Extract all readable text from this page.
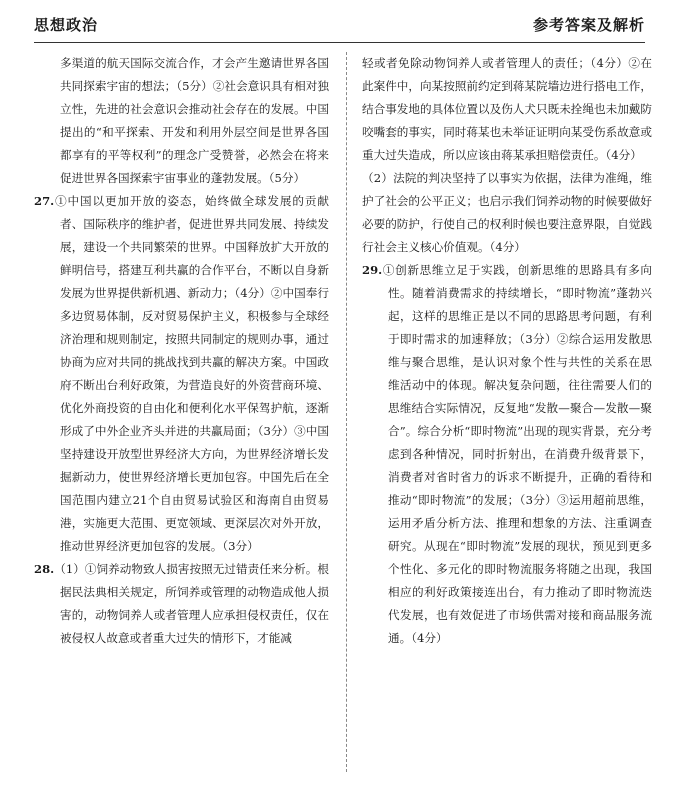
思想政治	参考答案及解析

多渠道的航天国际交流合作，才会产生邀请世界各国共同探索宇宙的想法；（5分）②社会意识具有相对独立性，先进的社会意识会推动社会存在的发展。中国提出的“和平探索、开发和利用外层空间是世界各国都享有的平等权利”的理念广受赞誉，必然会在将来促进世界各国探索宇宙事业的蓬勃发展。（5分）

27.①中国以更加开放的姿态，始终做全球发展的贡献者、国际秩序的维护者，促进世界共同发展、持续发展，建设一个共同繁荣的世界。中国释放扩大开放的鲜明信号，搭建互利共赢的合作平台，不断以自身新发展为世界提供新机遇、新动力；（4分）②中国奉行多边贸易体制，反对贸易保护主义，积极参与全球经济治理和规则制定，按照共同制定的规则办事，通过协商为应对共同的挑战找到共赢的解决方案。中国政府不断出台利好政策，为营造良好的外资营商环境、优化外商投资的自由化和便利化水平保驾护航，逐渐形成了中外企业齐头并进的共赢局面；（3分）③中国坚持建设开放型世界经济大方向，为世界经济增长发掘新动力，使世界经济增长更加包容。中国先后在全国范围内建立21个自由贸易试验区和海南自由贸易港，实施更大范围、更宽领域、更深层次对外开放，推动世界经济更加包容的发展。（3分）

28.（1）①饲养动物致人损害按照无过错责任来分析。根据民法典相关规定，所饲养或管理的动物造成他人损害的，动物饲养人或者管理人应承担侵权责任，仅在被侵权人故意或者重大过失的情形下，才能减

轻或者免除动物饲养人或者管理人的责任；（4分）②在此案件中，向某按照前约定到蒋某院墙边进行搭电工作，结合事发地的具体位置以及伤人犬只既未拴绳也未加戴防咬嘴套的事实，同时蒋某也未举证证明向某受伤系故意或重大过失造成，所以应该由蒋某承担赔偿责任。（4分）

（2）法院的判决坚持了以事实为依据，法律为准绳，维护了社会的公平正义；也启示我们饲养动物的时候要做好必要的防护，行使自己的权利时候也要注意界限，自觉践行社会主义核心价值观。（4分）

29.①创新思维立足于实践，创新思维的思路具有多向性。随着消费需求的持续增长，“即时物流”蓬勃兴起，这样的思维正是以不同的思路思考问题，有利于即时需求的加速释放；（3分）②综合运用发散思维与聚合思维，是认识对象个性与共性的关系在思维活动中的体现。解决复杂问题，往往需要人们的思维结合实际情况，反复地“发散—聚合—发散—聚合”。综合分析“即时物流”出现的现实背景，充分考虑到各种情况，同时折射出，在消费升级背景下，消费者对省时省力的诉求不断提升，正确的看待和推动“即时物流”的发展；（3分）③运用超前思维，运用矛盾分析方法、推理和想象的方法、注重调查研究。从现在“即时物流”发展的现状，预见到更多个性化、多元化的即时物流服务将随之出现，我国相应的利好政策接连出台，有力推动了即时物流迭代发展，也有效促进了市场供需对接和商品服务流通。（4分）
